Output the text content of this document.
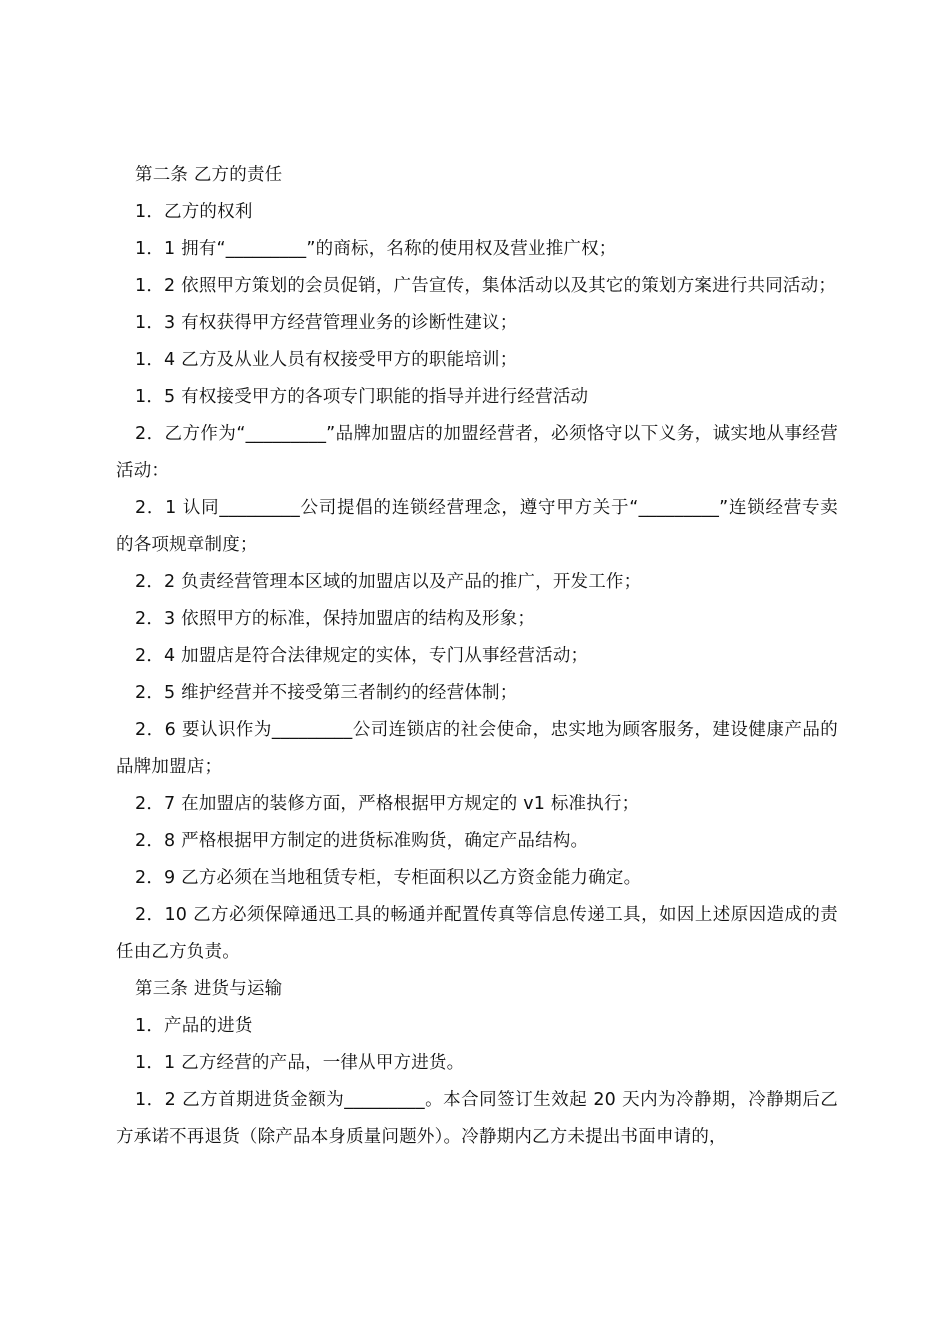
第二条 乙方的责任

1．乙方的权利

1．1 拥有“_________”的商标，名称的使用权及营业推广权；

1．2 依照甲方策划的会员促销，广告宣传，集体活动以及其它的策划方案进行共同活动；

1．3 有权获得甲方经营管理业务的诊断性建议；

1．4 乙方及从业人员有权接受甲方的职能培训；

1．5 有权接受甲方的各项专门职能的指导并进行经营活动

2．乙方作为“_________”品牌加盟店的加盟经营者，必须恪守以下义务，诚实地从事经营活动：

2．1 认同_________公司提倡的连锁经营理念，遵守甲方关于“_________”连锁经营专卖的各项规章制度；

2．2 负责经营管理本区域的加盟店以及产品的推广，开发工作；

2．3 依照甲方的标准，保持加盟店的结构及形象；

2．4 加盟店是符合法律规定的实体，专门从事经营活动；

2．5 维护经营并不接受第三者制约的经营体制；

2．6 要认识作为_________公司连锁店的社会使命，忠实地为顾客服务，建设健康产品的品牌加盟店；

2．7 在加盟店的装修方面，严格根据甲方规定的 v1 标准执行；

2．8 严格根据甲方制定的进货标准购货，确定产品结构。

2．9 乙方必须在当地租赁专柜，专柜面积以乙方资金能力确定。

2．10 乙方必须保障通迅工具的畅通并配置传真等信息传递工具，如因上述原因造成的责任由乙方负责。

第三条 进货与运输

1．产品的进货

1．1 乙方经营的产品，一律从甲方进货。

1．2 乙方首期进货金额为_________。本合同签订生效起 20 天内为冷静期，冷静期后乙方承诺不再退货（除产品本身质量问题外）。冷静期内乙方未提出书面申请的，
